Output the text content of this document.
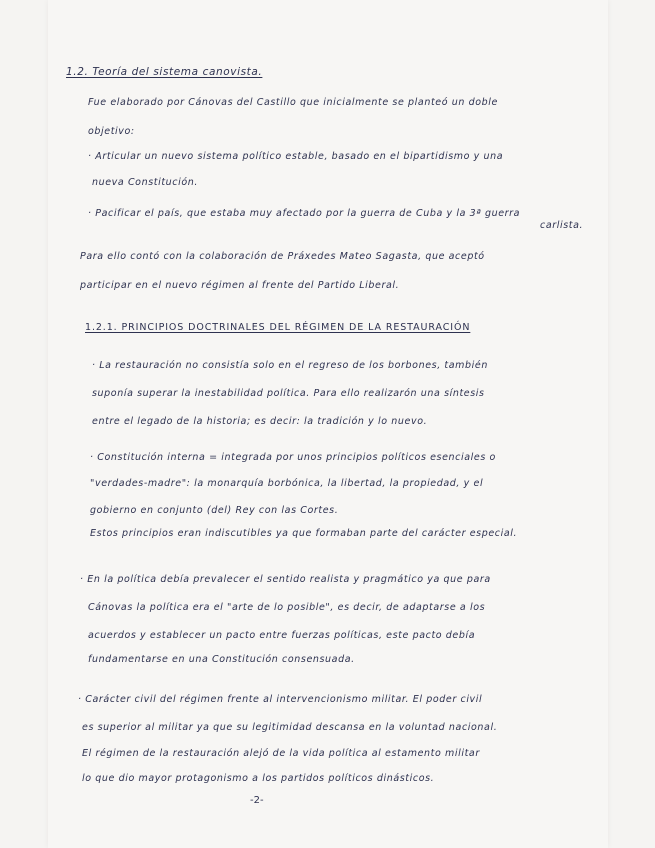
1.2. Teoría del sistema canovista.
Fue elaborado por Cánovas del Castillo que inicialmente se planteó un doble
objetivo:
· Articular un nuevo sistema político estable, basado en el bipartidismo y una
nueva Constitución.
· Pacificar el país, que estaba muy afectado por la guerra de Cuba y la 3ª guerra
carlista.
Para ello contó con la colaboración de Práxedes Mateo Sagasta, que aceptó
participar en el nuevo régimen al frente del Partido Liberal.
1.2.1. PRINCIPIOS DOCTRINALES DEL RÉGIMEN DE LA RESTAURACIÓN
· La restauración no consistía solo en el regreso de los borbones, también
suponía superar la inestabilidad política. Para ello realizarón una síntesis
entre el legado de la historia; es decir: la tradición y lo nuevo.
· Constitución interna = integrada por unos principios políticos esenciales o
"verdades-madre": la monarquía borbónica, la libertad, la propiedad, y el
gobierno en conjunto (del) Rey con las Cortes.
Estos principios eran indiscutibles ya que formaban parte del carácter especial.
· En la política debía prevalecer el sentido realista y pragmático ya que para
Cánovas la política era el "arte de lo posible", es decir, de adaptarse a los
acuerdos y establecer un pacto entre fuerzas políticas, este pacto debía
fundamentarse en una Constitución consensuada.
· Carácter civil del régimen frente al intervencionismo militar. El poder civil
es superior al militar ya que su legitimidad descansa en la voluntad nacional.
El régimen de la restauración alejó de la vida política al estamento militar
lo que dio mayor protagonismo a los partidos políticos dinásticos.
-2-
